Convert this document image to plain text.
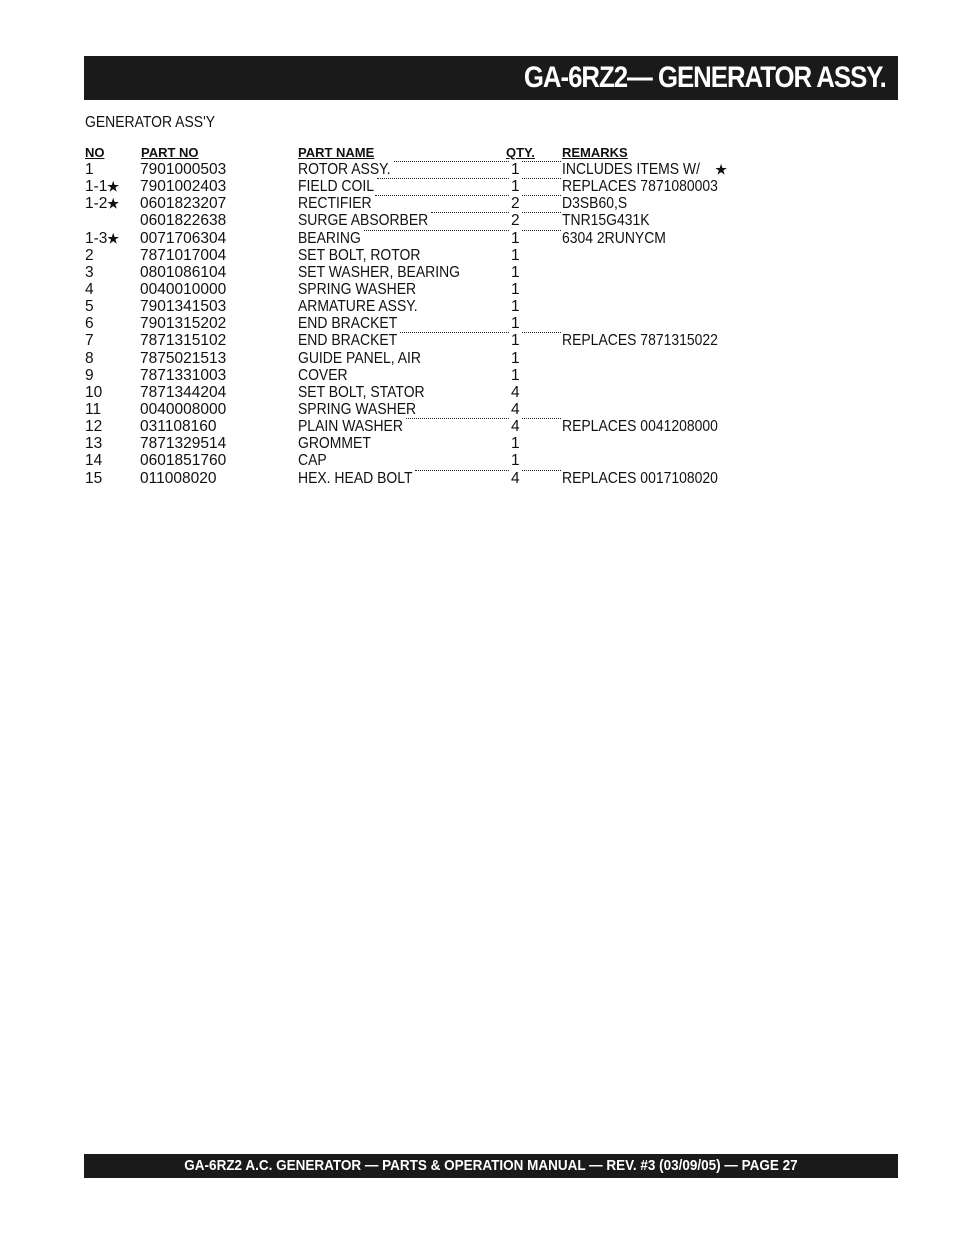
GA-6RZ2— GENERATOR ASSY.
GENERATOR ASS'Y
NO	PART NO	PART NAME	QTY. REMARKS
1	7901000503	ROTOR ASSY.	1	INCLUDES ITEMS W/★
1-1★ 7901002403	FIELD COIL	1	REPLACES 7871080003
1-2★ 0601823207	RECTIFIER	2	D3SB60,S
0601822638	SURGE ABSORBER	2	TNR15G431K
1-3★ 0071706304	BEARING	1	6304 2RUNYCM
2	7871017004	SET BOLT, ROTOR	1
3	0801086104	SET WASHER, BEARING	1
4	0040010000	SPRING WASHER	1
5	7901341503	ARMATURE ASSY.	1
6	7901315202	END BRACKET	1
7	7871315102	END BRACKET	1	REPLACES 7871315022
8	7875021513	GUIDE PANEL, AIR	1
9	7871331003	COVER	1
10 7871344204	SET BOLT, STATOR	4
11	0040008000	SPRING WASHER	4
12 031108160	PLAIN WASHER	4	REPLACES 0041208000
13 7871329514	GROMMET	1
14 0601851760	CAP	1
15 011008020	HEX. HEAD BOLT	4	REPLACES 0017108020
GA-6RZ2 A.C. GENERATOR — PARTS & OPERATION MANUAL — REV. #3 (03/09/05) — PAGE 27
